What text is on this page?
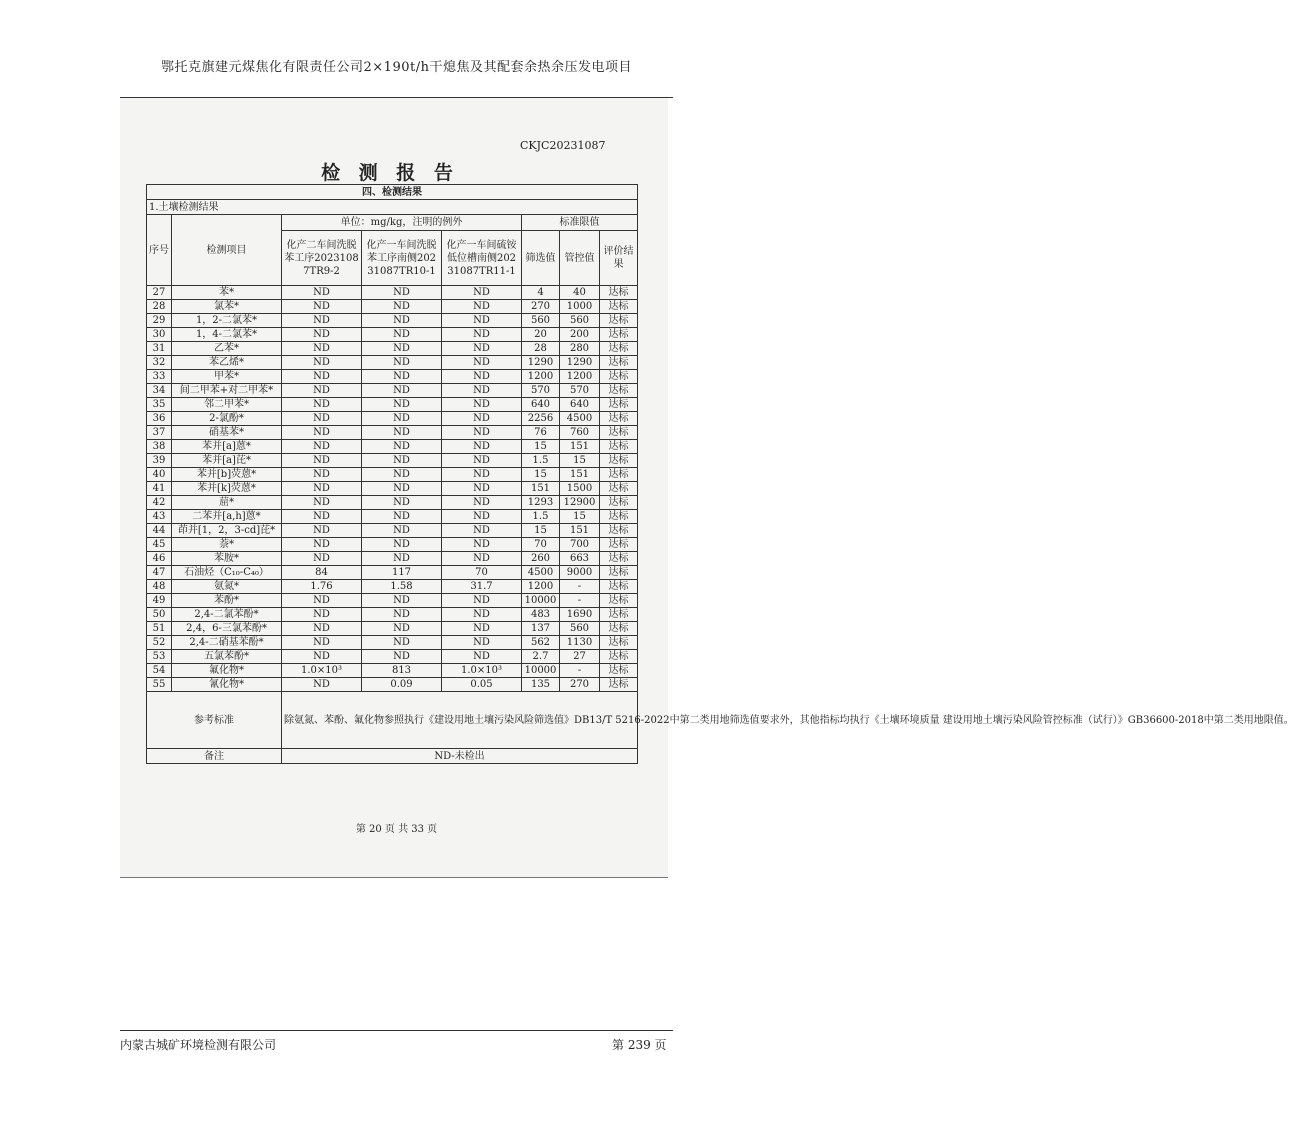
鄂托克旗建元煤焦化有限责任公司2×190t/h干熄焦及其配套余热余压发电项目
CKJC20231087
检 测 报 告
四、检测结果							
1.土壤检测结果							
序号	检测项目	单位：mg/kg，注明的例外			标准限值		
		化产二车间洗脱苯工序20231087TR9-2	化产一车间洗脱苯工序南侧20231087TR10-1	化产一车间硫铵低位槽南侧20231087TR11-1	筛选值	管控值	评价结果
27	苯*	ND	ND	ND	4	40	达标
28	氯苯*	ND	ND	ND	270	1000	达标
29	1，2-二氯苯*	ND	ND	ND	560	560	达标
30	1，4-二氯苯*	ND	ND	ND	20	200	达标
31	乙苯*	ND	ND	ND	28	280	达标
32	苯乙烯*	ND	ND	ND	1290	1290	达标
33	甲苯*	ND	ND	ND	1200	1200	达标
34	间二甲苯+对二甲苯*	ND	ND	ND	570	570	达标
35	邻二甲苯*	ND	ND	ND	640	640	达标
36	2-氯酚*	ND	ND	ND	2256	4500	达标
37	硝基苯*	ND	ND	ND	76	760	达标
38	苯并[a]蒽*	ND	ND	ND	15	151	达标
39	苯并[a]芘*	ND	ND	ND	1.5	15	达标
40	苯并[b]荧蒽*	ND	ND	ND	15	151	达标
41	苯并[k]荧蒽*	ND	ND	ND	151	1500	达标
42	䓛*	ND	ND	ND	1293	12900	达标
43	二苯并[a,h]蒽*	ND	ND	ND	1.5	15	达标
44	茚并[1，2，3-cd]芘*	ND	ND	ND	15	151	达标
45	萘*	ND	ND	ND	70	700	达标
46	苯胺*	ND	ND	ND	260	663	达标
47	石油烃（C₁₀-C₄₀）	84	117	70	4500	9000	达标
48	氨氮*	1.76	1.58	31.7	1200	-	达标
49	苯酚*	ND	ND	ND	10000	-	达标
50	2,4-二氯苯酚*	ND	ND	ND	483	1690	达标
51	2,4，6-三氯苯酚*	ND	ND	ND	137	560	达标
52	2,4-二硝基苯酚*	ND	ND	ND	562	1130	达标
53	五氯苯酚*	ND	ND	ND	2.7	27	达标
54	氟化物*	1.0×10³	813	1.0×10³	10000	-	达标
55	氰化物*	ND	0.09	0.05	135	270	达标
参考标准		除氨氮、苯酚、氟化物参照执行《建设用地土壤污染风险筛选值》DB13/T 5216-2022中第二类用地筛选值要求外，其他指标均执行《土壤环境质量 建设用地土壤污染风险管控标准（试行）》GB36600-2018中第二类用地限值。					
备注		ND-未检出					
第 20 页 共 33 页
内蒙古城矿环境检测有限公司	第 239 页
